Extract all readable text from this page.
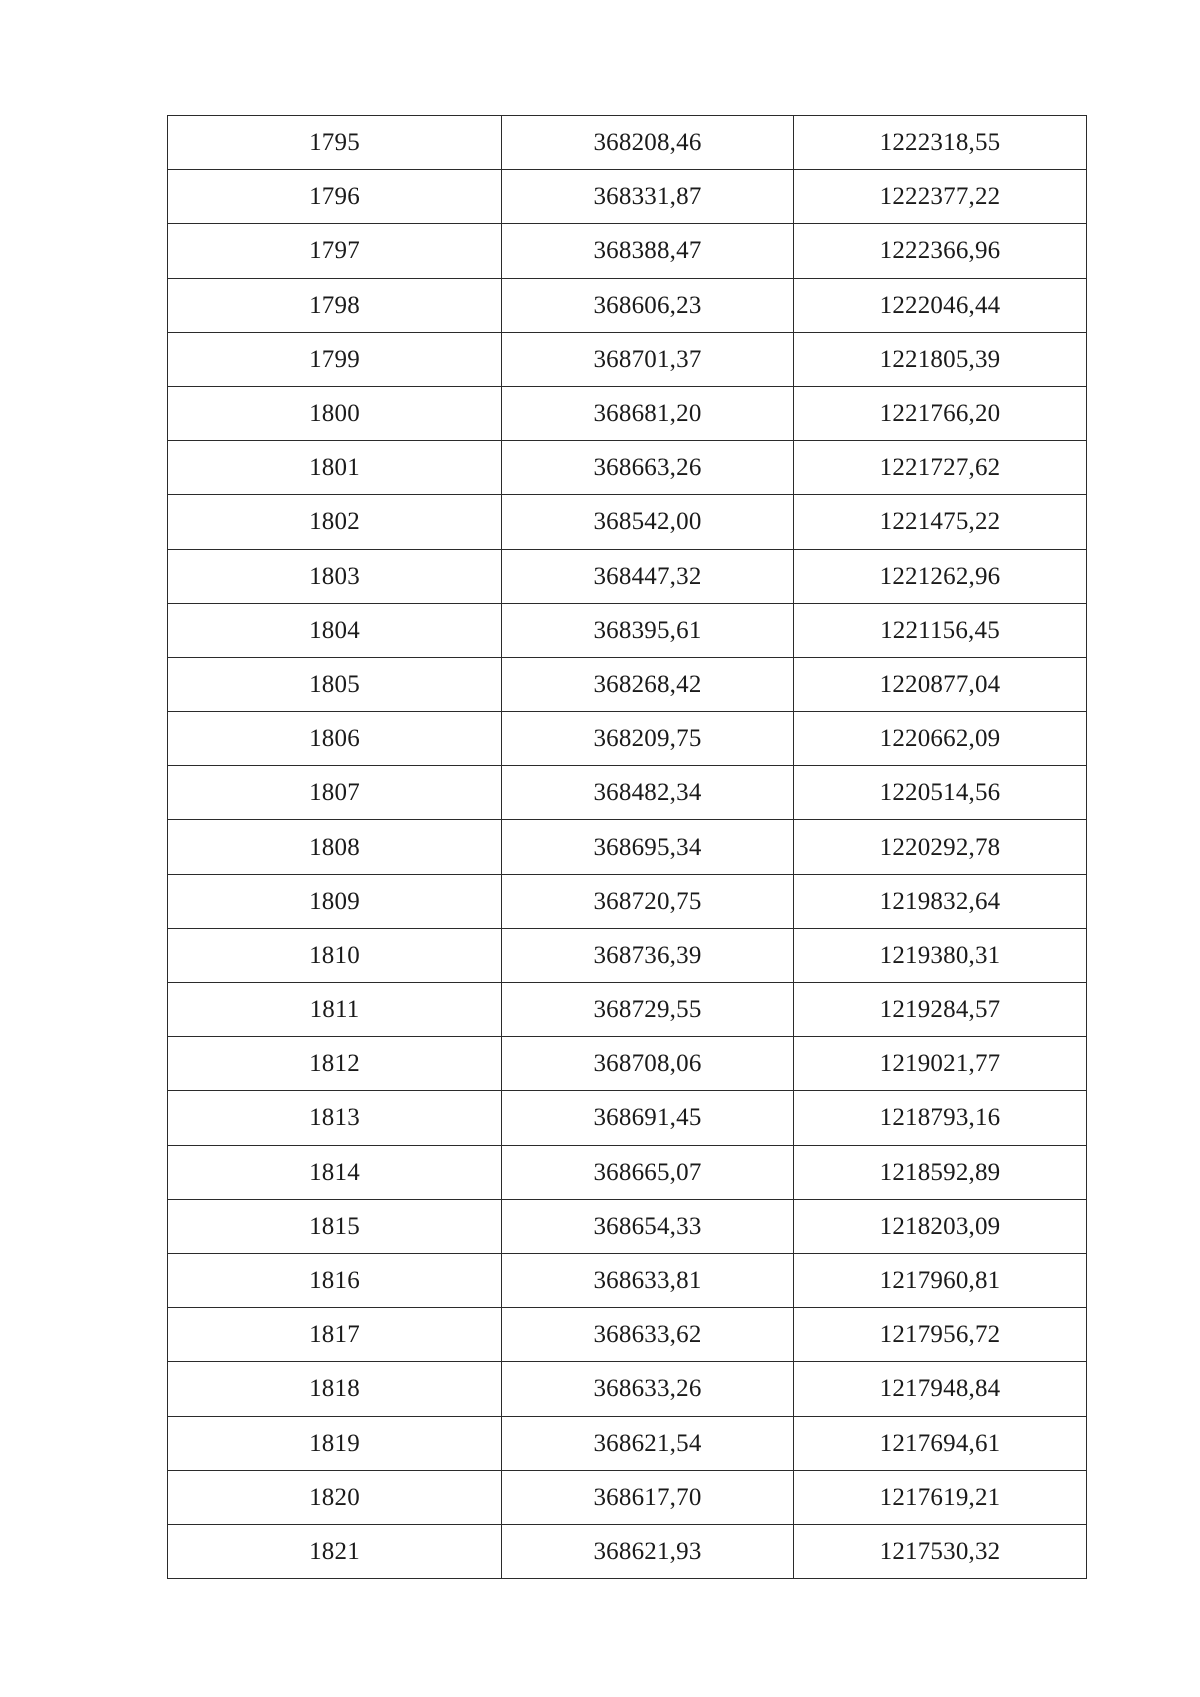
1795	368208,46	1222318,55
1796	368331,87	1222377,22
1797	368388,47	1222366,96
1798	368606,23	1222046,44
1799	368701,37	1221805,39
1800	368681,20	1221766,20
1801	368663,26	1221727,62
1802	368542,00	1221475,22
1803	368447,32	1221262,96
1804	368395,61	1221156,45
1805	368268,42	1220877,04
1806	368209,75	1220662,09
1807	368482,34	1220514,56
1808	368695,34	1220292,78
1809	368720,75	1219832,64
1810	368736,39	1219380,31
1811	368729,55	1219284,57
1812	368708,06	1219021,77
1813	368691,45	1218793,16
1814	368665,07	1218592,89
1815	368654,33	1218203,09
1816	368633,81	1217960,81
1817	368633,62	1217956,72
1818	368633,26	1217948,84
1819	368621,54	1217694,61
1820	368617,70	1217619,21
1821	368621,93	1217530,32
